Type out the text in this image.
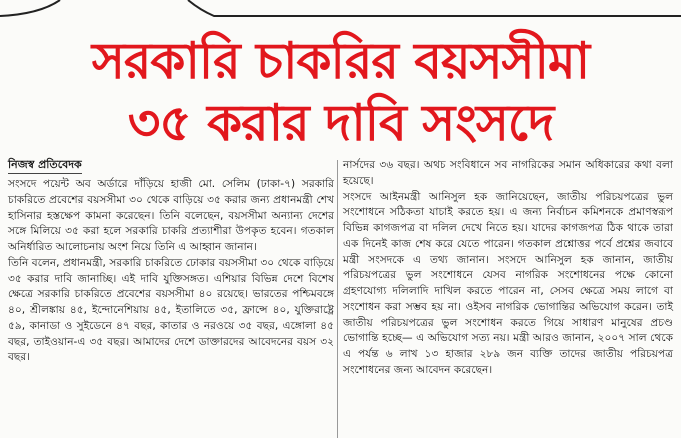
সরকারি চাকরির বয়সসীমা
৩৫ করার দাবি সংসদে
নিজস্ব প্রতিবেদক

সংসদে পয়েন্ট অব অর্ডারে দাঁড়িয়ে হাজী মো. সেলিম (ঢাকা-৭) সরকারি চাকরিতে প্রবেশের বয়সসীমা ৩০ থেকে বাড়িয়ে ৩৫ করার জন্য প্রধানমন্ত্রী শেখ হাসিনার হস্তক্ষেপ কামনা করেছেন। তিনি বলেছেন, বয়সসীমা অন্যান্য দেশের সঙ্গে মিলিয়ে ৩৫ করা হলে সরকারি চাকরি প্রত্যাশীরা উপকৃত হবেন। গতকাল অনির্ধারিত আলোচনায় অংশ নিয়ে তিনি এ আহ্বান জানান।

তিনি বলেন, প্রধানমন্ত্রী, সরকারি চাকরিতে ঢোকার বয়সসীমা ৩০ থেকে বাড়িয়ে ৩৫ করার দাবি জানাচ্ছি। এই দাবি যুক্তিসঙ্গত। এশিয়ার বিভিন্ন দেশে বিশেষ ক্ষেত্রে সরকারি চাকরিতে প্রবেশের বয়সসীমা ৪০ রয়েছে। ভারতের পশ্চিমবঙ্গে ৪০, শ্রীলঙ্কায় ৪৫, ইন্দোনেশিয়ায় ৪৫, ইতালিতে ৩৫, ফ্রান্সে ৪০, যুক্তিরাষ্ট্রে ৫৯, কানাডা ও সুইডেনে ৪৭ বছর, কাতার ও নরওয়ে ৩৫ বছর, এঙ্গোলা ৪৫ বছর, তাইওয়ান-এ ৩৫ বছর। আমাদের দেশে ডাক্তারদের আবেদনের বয়স ৩২ বছর।

নার্সদের ৩৬ বছর। অথচ সংবিধানে সব নাগরিকের সমান অধিকারের কথা বলা হয়েছে।

সংসদে আইনমন্ত্রী আনিসুল হক জানিয়েছেন, জাতীয় পরিচয়পত্রের ভুল সংশোধনে সঠিকতা যাচাই করতে হয়। এ জন্য নির্বাচন কমিশনকে প্রমাণস্বরূপ বিভিন্ন কাগজপত্র বা দলিল দেখে নিতে হয়। যাদের কাগজপত্র ঠিক থাকে তারা এক দিনেই কাজ শেষ করে যেতে পারেন। গতকাল প্রশ্নোত্তর পর্বে প্রশ্নের জবাবে মন্ত্রী সংসদকে এ তথ্য জানান। সংসদে আনিসুল হক জানান, জাতীয় পরিচয়পত্রের ভুল সংশোধনে যেসব নাগরিক সংশোধনের পক্ষে কোনো গ্রহণযোগ্য দলিলাদি দাখিল করতে পারেন না, সেসব ক্ষেত্রে সময় লাগে বা সংশোধন করা সম্ভব হয় না। ওইসব নাগরিক ভোগান্তির অভিযোগ করেন। তাই জাতীয় পরিচয়পত্রের ভুল সংশোধন করতে গিয়ে সাধারণ মানুষের প্রচণ্ড ভোগান্তি হচ্ছে— এ অভিযোগ সত্য নয়। মন্ত্রী আরও জানান, ২০০৭ সাল থেকে এ পর্যন্ত ৬ লাখ ১৩ হাজার ২৮৯ জন ব্যক্তি তাদের জাতীয় পরিচয়পত্র সংশোধনের জন্য আবেদন করেছেন।
